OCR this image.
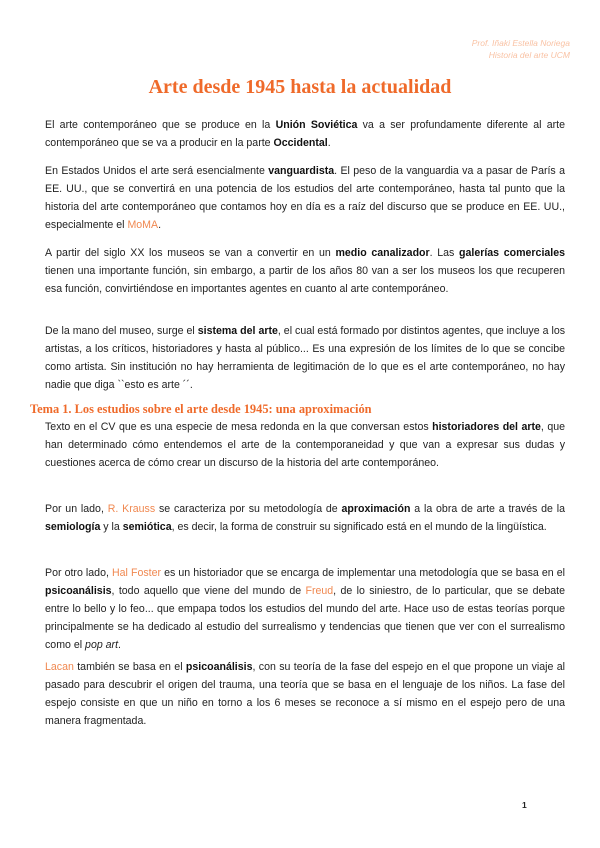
Prof. Iñaki Estella Noriega
Historia del arte UCM
Arte desde 1945 hasta la actualidad

El arte contemporáneo que se produce en la Unión Soviética va a ser profundamente diferente al arte contemporáneo que se va a producir en la parte Occidental.

En Estados Unidos el arte será esencialmente vanguardista. El peso de la vanguardia va a pasar de París a EE. UU., que se convertirá en una potencia de los estudios del arte contemporáneo, hasta tal punto que la historia del arte contemporáneo que contamos hoy en día es a raíz del discurso que se produce en EE. UU., especialmente el MoMA.

A partir del siglo XX los museos se van a convertir en un medio canalizador. Las galerías comerciales tienen una importante función, sin embargo, a partir de los años 80 van a ser los museos los que recuperen esa función, convirtiéndose en importantes agentes en cuanto al arte contemporáneo.

De la mano del museo, surge el sistema del arte, el cual está formado por distintos agentes, que incluye a los artistas, a los críticos, historiadores y hasta al público... Es una expresión de los límites de lo que se concibe como artista. Sin institución no hay herramienta de legitimación de lo que es el arte contemporáneo, no hay nadie que diga ``esto es arte ´´.

Tema 1. Los estudios sobre el arte desde 1945: una aproximación

Texto en el CV que es una especie de mesa redonda en la que conversan estos historiadores del arte, que han determinado cómo entendemos el arte de la contemporaneidad y que van a expresar sus dudas y cuestiones acerca de cómo crear un discurso de la historia del arte contemporáneo.

Por un lado, R. Krauss se caracteriza por su metodología de aproximación a la obra de arte a través de la semiología y la semiótica, es decir, la forma de construir su significado está en el mundo de la lingüística.

Por otro lado, Hal Foster es un historiador que se encarga de implementar una metodología que se basa en el psicoanálisis, todo aquello que viene del mundo de Freud, de lo siniestro, de lo particular, que se debate entre lo bello y lo feo... que empapa todos los estudios del mundo del arte. Hace uso de estas teorías porque principalmente se ha dedicado al estudio del surrealismo y tendencias que tienen que ver con el surrealismo como el pop art.

Lacan también se basa en el psicoanálisis, con su teoría de la fase del espejo en el que propone un viaje al pasado para descubrir el origen del trauma, una teoría que se basa en el lenguaje de los niños. La fase del espejo consiste en que un niño en torno a los 6 meses se reconoce a sí mismo en el espejo pero de una manera fragmentada.

1
